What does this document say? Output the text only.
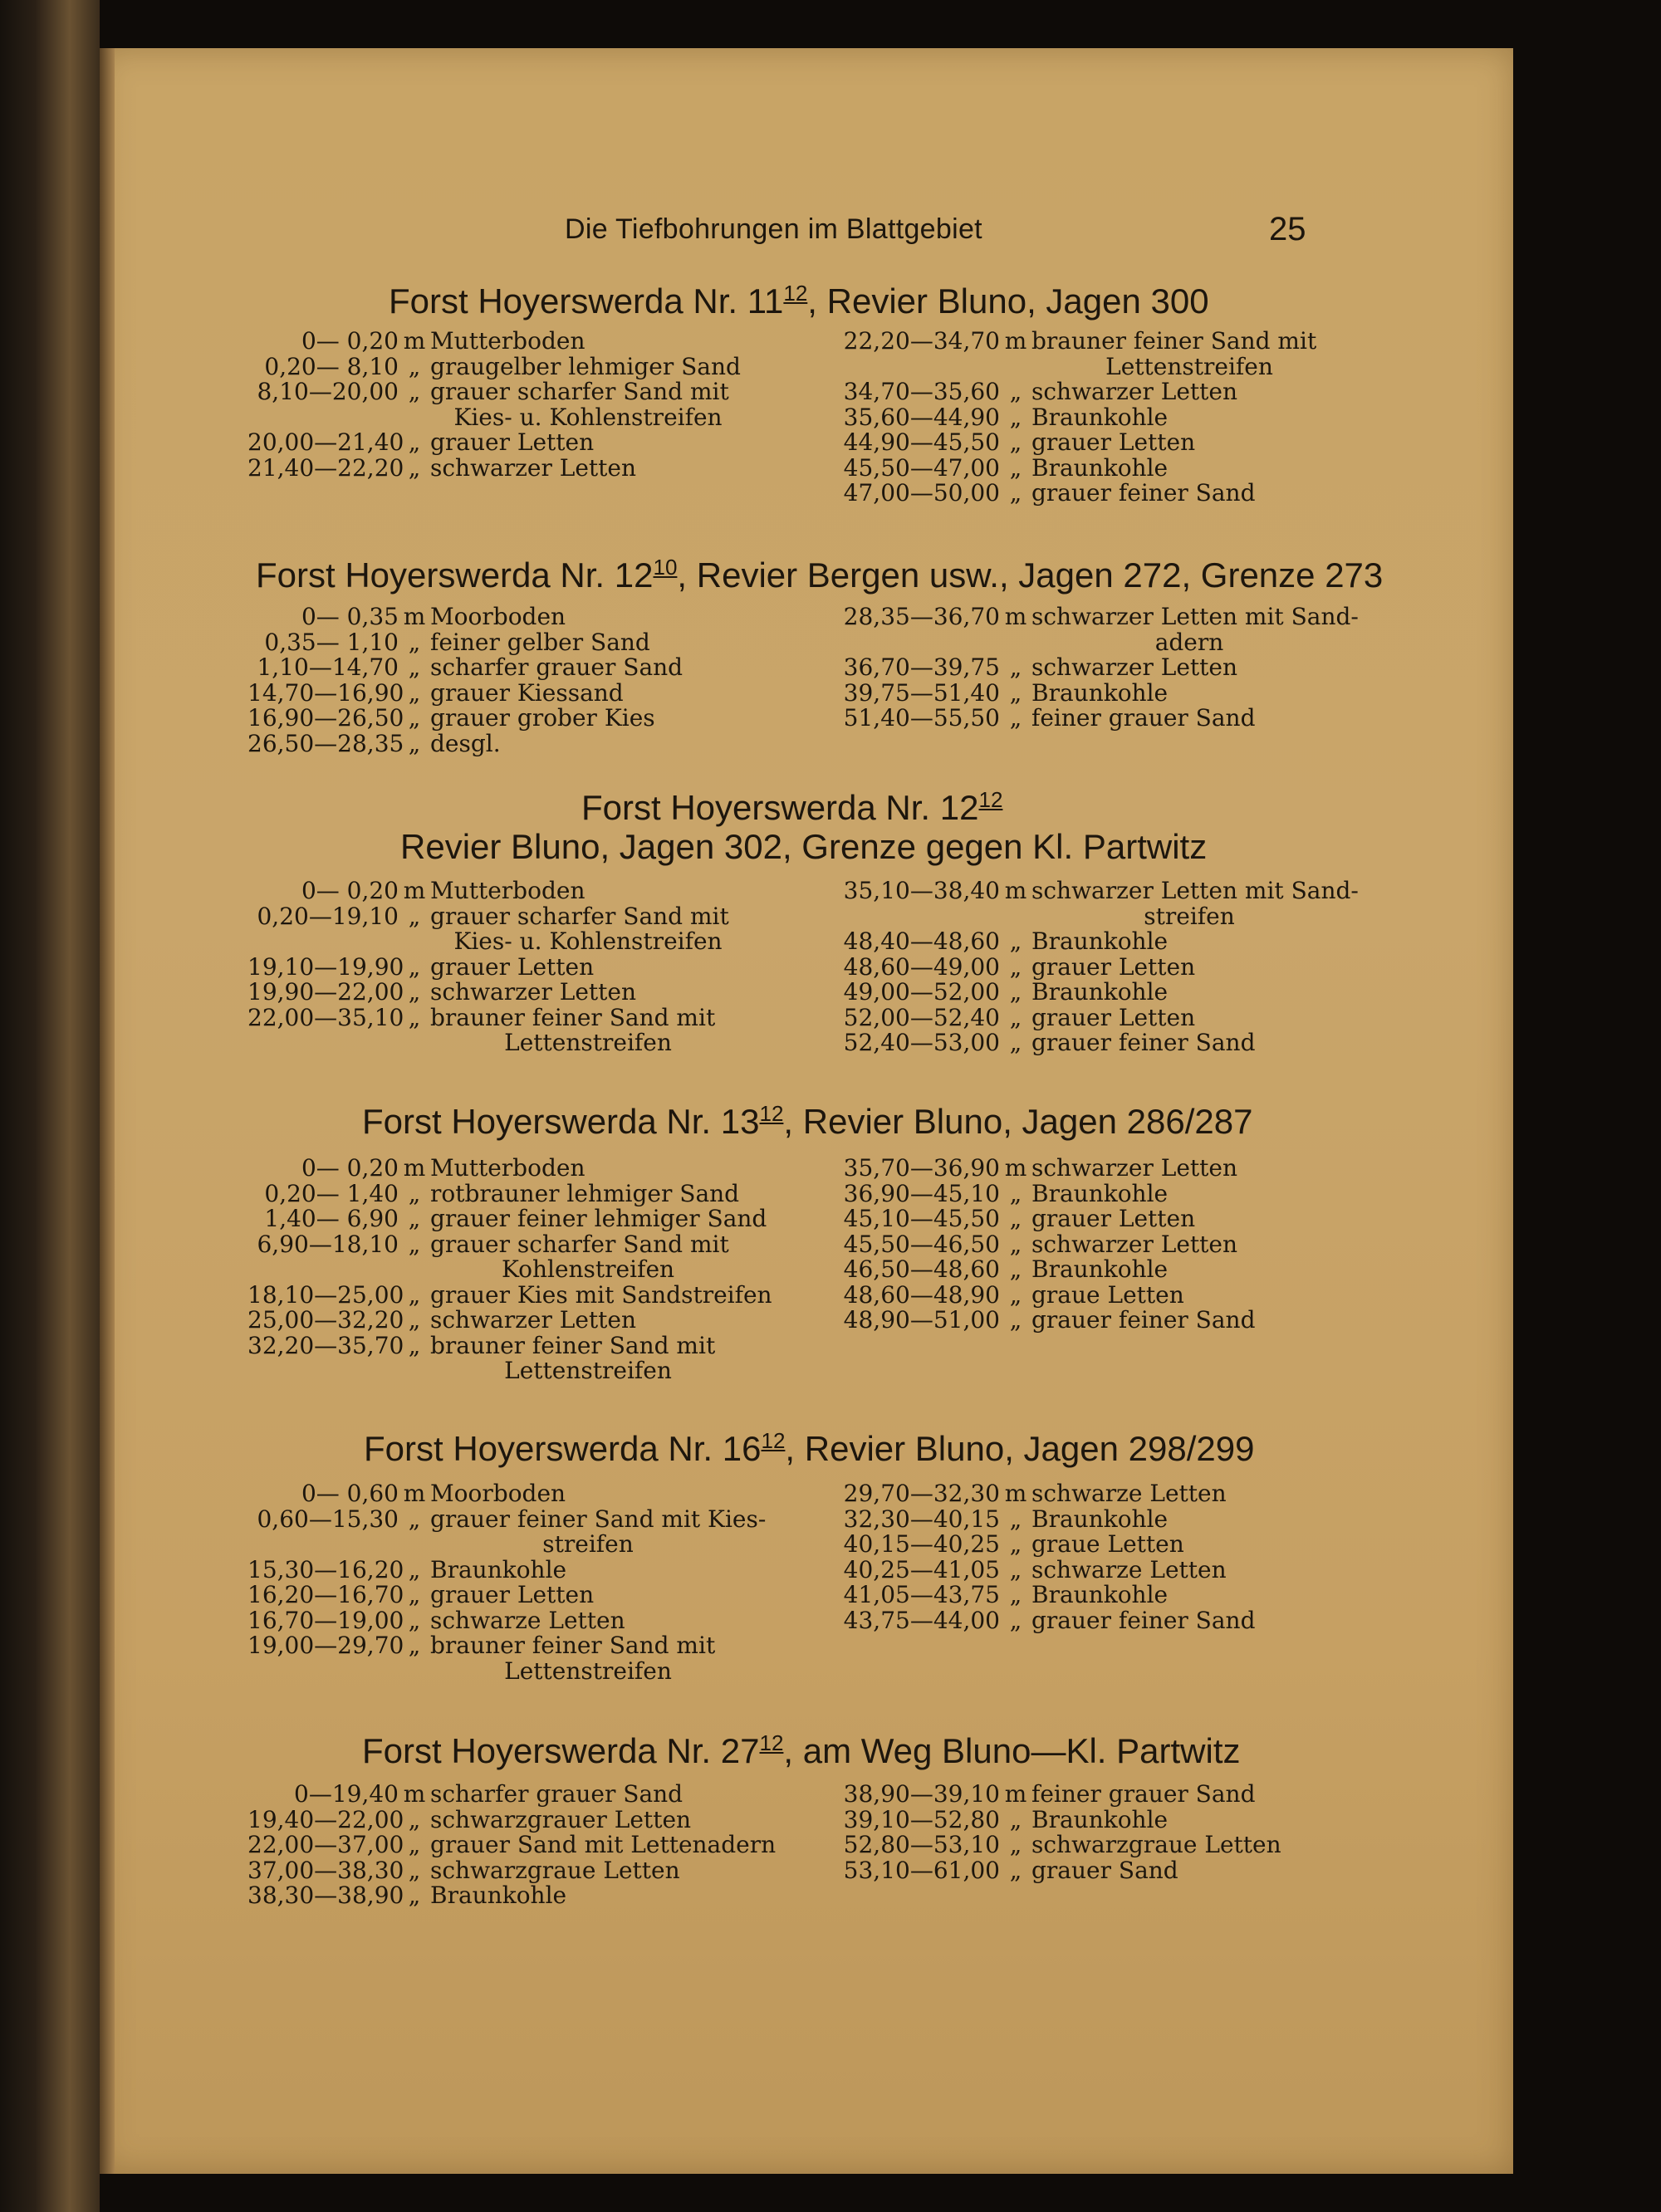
Die Tiefbohrungen im Blattgebiet	25
Forst Hoyerswerda Nr. $11^{12}$, Revier Bluno, Jagen 300
0— 0,20 m Mutterboden
0,20— 8,10 „ graugelber lehmiger Sand
8,10—20,00 „ grauer scharfer Sand mit
Kies- u. Kohlenstreifen
20,00—21,40 „ grauer Letten
21,40—22,20 „ schwarzer Letten
22,20—34,70 m brauner feiner Sand mit
Lettenstreifen
34,70—35,60 „ schwarzer Letten
35,60—44,90 „ Braunkohle
44,90—45,50 „ grauer Letten
45,50—47,00 „ Braunkohle
47,00—50,00 „ grauer feiner Sand
Forst Hoyerswerda Nr. $12^{10}$, Revier Bergen usw., Jagen 272, Grenze 273
0— 0,35 m Moorboden
0,35— 1,10 „ feiner gelber Sand
1,10—14,70 „ scharfer grauer Sand
14,70—16,90 „ grauer Kiessand
16,90—26,50 „ grauer grober Kies
26,50—28,35 „ desgl.
28,35—36,70 m schwarzer Letten mit Sand-
adern
36,70—39,75 „ schwarzer Letten
39,75—51,40 „ Braunkohle
51,40—55,50 „ feiner grauer Sand
Forst Hoyerswerda Nr. $12^{12}$
Revier Bluno, Jagen 302, Grenze gegen Kl. Partwitz
0— 0,20 m Mutterboden
0,20—19,10 „ grauer scharfer Sand mit
Kies- u. Kohlenstreifen
19,10—19,90 „ grauer Letten
19,90—22,00 „ schwarzer Letten
22,00—35,10 „ brauner feiner Sand mit
Lettenstreifen
35,10—38,40 m schwarzer Letten mit Sand-
streifen
48,40—48,60 „ Braunkohle
48,60—49,00 „ grauer Letten
49,00—52,00 „ Braunkohle
52,00—52,40 „ grauer Letten
52,40—53,00 „ grauer feiner Sand
Forst Hoyerswerda Nr. $13^{12}$, Revier Bluno, Jagen 286/287
0— 0,20 m Mutterboden
0,20— 1,40 „ rotbrauner lehmiger Sand
1,40— 6,90 „ grauer feiner lehmiger Sand
6,90—18,10 „ grauer scharfer Sand mit
Kohlenstreifen
18,10—25,00 „ grauer Kies mit Sandstreifen
25,00—32,20 „ schwarzer Letten
32,20—35,70 „ brauner feiner Sand mit
Lettenstreifen
35,70—36,90 m schwarzer Letten
36,90—45,10 „ Braunkohle
45,10—45,50 „ grauer Letten
45,50—46,50 „ schwarzer Letten
46,50—48,60 „ Braunkohle
48,60—48,90 „ graue Letten
48,90—51,00 „ grauer feiner Sand
Forst Hoyerswerda Nr. $16^{12}$, Revier Bluno, Jagen 298/299
0— 0,60 m Moorboden
0,60—15,30 „ grauer feiner Sand mit Kies-
streifen
15,30—16,20 „ Braunkohle
16,20—16,70 „ grauer Letten
16,70—19,00 „ schwarze Letten
19,00—29,70 „ brauner feiner Sand mit
Lettenstreifen
29,70—32,30 m schwarze Letten
32,30—40,15 „ Braunkohle
40,15—40,25 „ graue Letten
40,25—41,05 „ schwarze Letten
41,05—43,75 „ Braunkohle
43,75—44,00 „ grauer feiner Sand
Forst Hoyerswerda Nr. $27^{12}$, am Weg Bluno—Kl. Partwitz
0—19,40 m scharfer grauer Sand
19,40—22,00 „ schwarzgrauer Letten
22,00—37,00 „ grauer Sand mit Lettenadern
37,00—38,30 „ schwarzgraue Letten
38,30—38,90 „ Braunkohle
38,90—39,10 m feiner grauer Sand
39,10—52,80 „ Braunkohle
52,80—53,10 „ schwarzgraue Letten
53,10—61,00 „ grauer Sand
